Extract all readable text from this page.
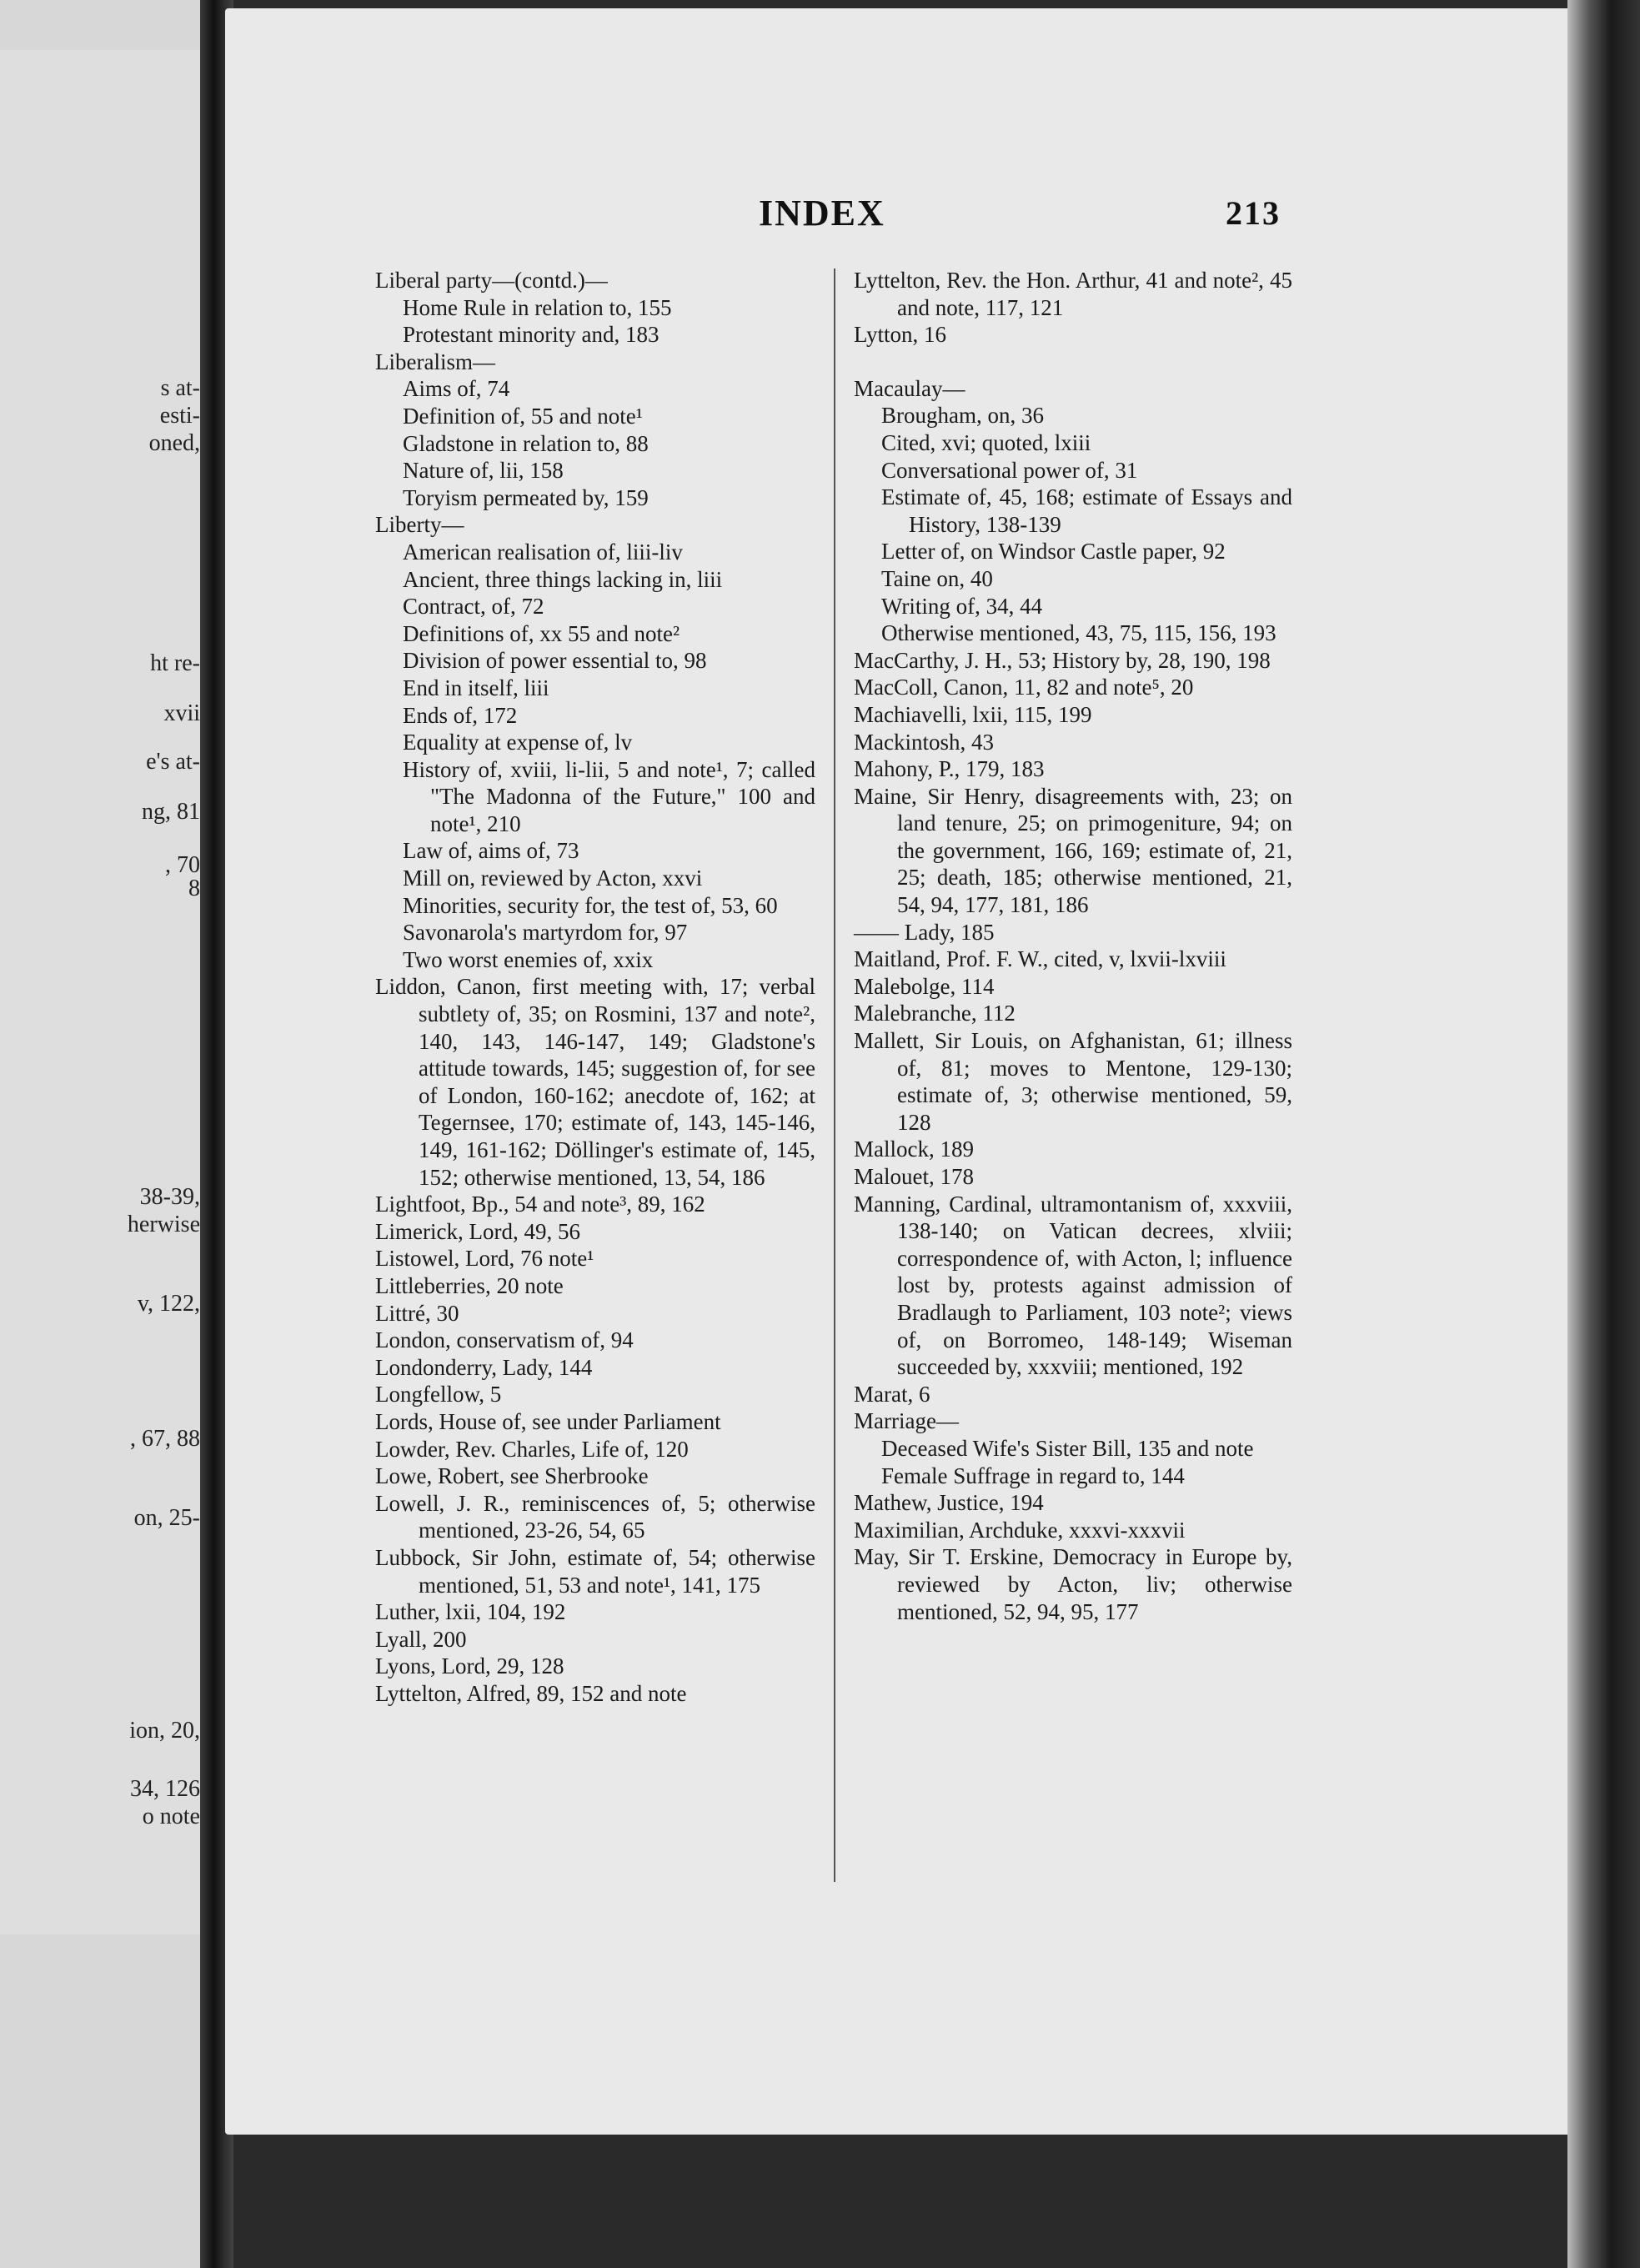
s at-
esti-
oned,
ht re-
xvii
e's at-
ng, 81
, 70
8
38-39,
herwise
v, 122,
, 67, 88
on, 25-
ion, 20,
34, 126
o note
INDEX	213
Liberal party—(contd.)—
Home Rule in relation to, 155
Protestant minority and, 183
Liberalism—
Aims of, 74
Definition of, 55 and note¹
Gladstone in relation to, 88
Nature of, lii, 158
Toryism permeated by, 159
Liberty—
American realisation of, liii-liv
Ancient, three things lacking in, liii
Contract, of, 72
Definitions of, xx 55 and note²
Division of power essential to, 98
End in itself, liii
Ends of, 172
Equality at expense of, lv
History of, xviii, li-lii, 5 and note¹, 7; called "The Madonna of the Future," 100 and note¹, 210
Law of, aims of, 73
Mill on, reviewed by Acton, xxvi
Minorities, security for, the test of, 53, 60
Savonarola's martyrdom for, 97
Two worst enemies of, xxix
Liddon, Canon, first meeting with, 17; verbal subtlety of, 35; on Rosmini, 137 and note², 140, 143, 146-147, 149; Gladstone's attitude towards, 145; suggestion of, for see of London, 160-162; anecdote of, 162; at Tegernsee, 170; estimate of, 143, 145-146, 149, 161-162; Döllinger's estimate of, 145, 152; otherwise mentioned, 13, 54, 186
Lightfoot, Bp., 54 and note³, 89, 162
Limerick, Lord, 49, 56
Listowel, Lord, 76 note¹
Littleberries, 20 note
Littré, 30
London, conservatism of, 94
Londonderry, Lady, 144
Longfellow, 5
Lords, House of, see under Parliament
Lowder, Rev. Charles, Life of, 120
Lowe, Robert, see Sherbrooke
Lowell, J. R., reminiscences of, 5; otherwise mentioned, 23-26, 54, 65
Lubbock, Sir John, estimate of, 54; otherwise mentioned, 51, 53 and note¹, 141, 175
Luther, lxii, 104, 192
Lyall, 200
Lyons, Lord, 29, 128
Lyttelton, Alfred, 89, 152 and note
Lyttelton, Rev. the Hon. Arthur, 41 and note², 45 and note, 117, 121
Lytton, 16
Macaulay—
Brougham, on, 36
Cited, xvi; quoted, lxiii
Conversational power of, 31
Estimate of, 45, 168; estimate of Essays and History, 138-139
Letter of, on Windsor Castle paper, 92
Taine on, 40
Writing of, 34, 44
Otherwise mentioned, 43, 75, 115, 156, 193
MacCarthy, J. H., 53; History by, 28, 190, 198
MacColl, Canon, 11, 82 and note⁵, 20
Machiavelli, lxii, 115, 199
Mackintosh, 43
Mahony, P., 179, 183
Maine, Sir Henry, disagreements with, 23; on land tenure, 25; on primogeniture, 94; on the government, 166, 169; estimate of, 21, 25; death, 185; otherwise mentioned, 21, 54, 94, 177, 181, 186
—— Lady, 185
Maitland, Prof. F. W., cited, v, lxvii-lxviii
Malebolge, 114
Malebranche, 112
Mallett, Sir Louis, on Afghanistan, 61; illness of, 81; moves to Mentone, 129-130; estimate of, 3; otherwise mentioned, 59, 128
Mallock, 189
Malouet, 178
Manning, Cardinal, ultramontanism of, xxxviii, 138-140; on Vatican decrees, xlviii; correspondence of, with Acton, l; influence lost by, protests against admission of Bradlaugh to Parliament, 103 note²; views of, on Borromeo, 148-149; Wiseman succeeded by, xxxviii; mentioned, 192
Marat, 6
Marriage—
Deceased Wife's Sister Bill, 135 and note
Female Suffrage in regard to, 144
Mathew, Justice, 194
Maximilian, Archduke, xxxvi-xxxvii
May, Sir T. Erskine, Democracy in Europe by, reviewed by Acton, liv; otherwise mentioned, 52, 94, 95, 177
